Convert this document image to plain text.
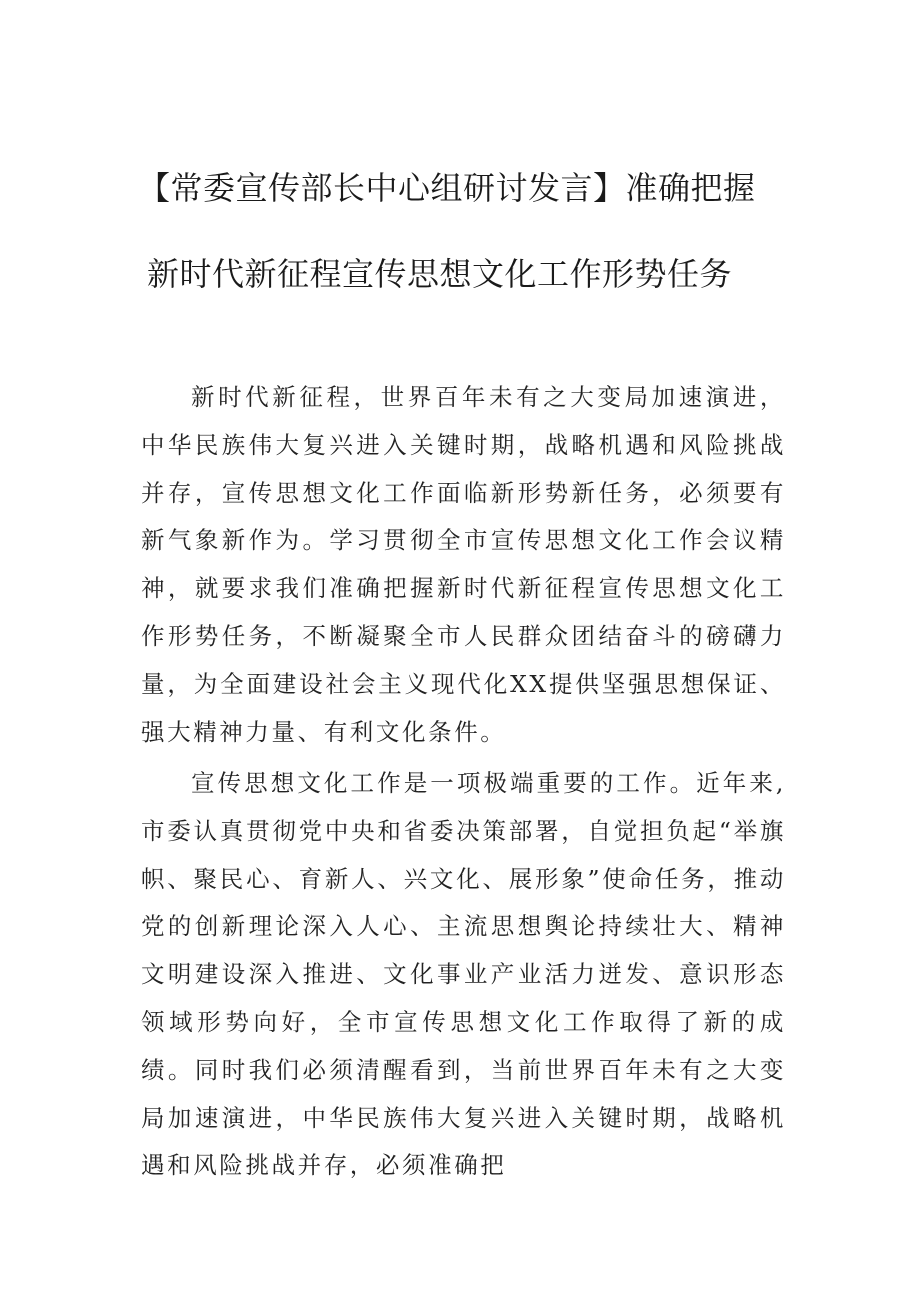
【常委宣传部长中心组研讨发言】准确把握
新时代新征程宣传思想文化工作形势任务

新时代新征程，世界百年未有之大变局加速演进，中华民族伟大复兴进入关键时期，战略机遇和风险挑战并存，宣传思想文化工作面临新形势新任务，必须要有新气象新作为。学习贯彻全市宣传思想文化工作会议精神，就要求我们准确把握新时代新征程宣传思想文化工作形势任务，不断凝聚全市人民群众团结奋斗的磅礴力量，为全面建设社会主义现代化XX提供坚强思想保证、强大精神力量、有利文化条件。

宣传思想文化工作是一项极端重要的工作。近年来,市委认真贯彻党中央和省委决策部署，自觉担负起“举旗帜、聚民心、育新人、兴文化、展形象”使命任务，推动党的创新理论深入人心、主流思想舆论持续壮大、精神文明建设深入推进、文化事业产业活力迸发、意识形态领域形势向好，全市宣传思想文化工作取得了新的成绩。同时我们必须清醒看到，当前世界百年未有之大变局加速演进，中华民族伟大复兴进入关键时期，战略机遇和风险挑战并存，必须准确把
